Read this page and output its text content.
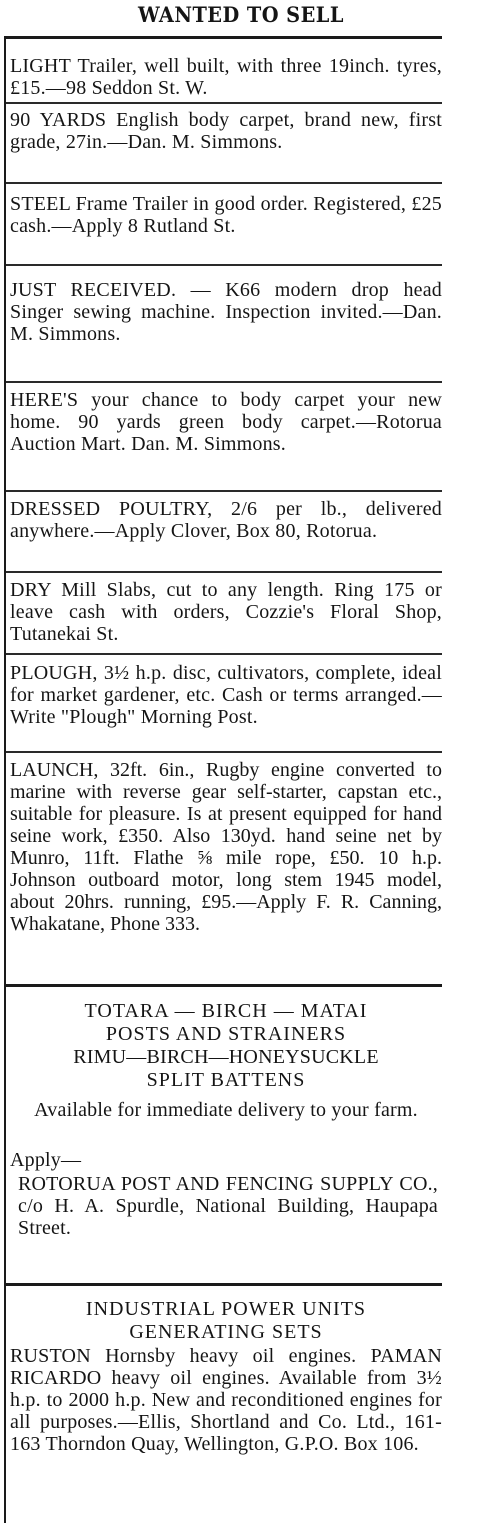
WANTED TO SELL
LIGHT Trailer, well built, with three 19inch. tyres, £15.—98 Seddon St. W.
90 YARDS English body carpet, brand new, first grade, 27in.—Dan. M. Simmons.
STEEL Frame Trailer in good order. Registered, £25 cash.—Apply 8 Rutland St.
JUST RECEIVED. — K66 modern drop head Singer sewing machine. Inspection invited.—Dan. M. Simmons.
HERE'S your chance to body carpet your new home. 90 yards green body carpet.—Rotorua Auction Mart. Dan. M. Simmons.
DRESSED POULTRY, 2/6 per lb., delivered anywhere.—Apply Clover, Box 80, Rotorua.
DRY Mill Slabs, cut to any length. Ring 175 or leave cash with orders, Cozzie's Floral Shop, Tutanekai St.
PLOUGH, 3½ h.p. disc, cultivators, complete, ideal for market gardener, etc. Cash or terms arranged.—Write "Plough" Morning Post.
LAUNCH, 32ft. 6in., Rugby engine converted to marine with reverse gear self-starter, capstan etc., suitable for pleasure. Is at present equipped for hand seine work, £350. Also 130yd. hand seine net by Munro, 11ft. Flathe ⅝ mile rope, £50. 10 h.p. Johnson outboard motor, long stem 1945 model, about 20hrs. running, £95.—Apply F. R. Canning, Whakatane, Phone 333.
TOTARA — BIRCH — MATAI
POSTS AND STRAINERS
RIMU—BIRCH—HONEYSUCKLE
SPLIT BATTENS
Available for immediate delivery to your farm.
Apply—
ROTORUA POST AND FENCING SUPPLY CO., c/o H. A. Spurdle, National Building, Haupapa Street.
INDUSTRIAL POWER UNITS
GENERATING SETS
RUSTON Hornsby heavy oil engines. PAMAN RICARDO heavy oil engines. Available from 3½ h.p. to 2000 h.p. New and reconditioned engines for all purposes.—Ellis, Shortland and Co. Ltd., 161-163 Thorndon Quay, Wellington, G.P.O. Box 106.
